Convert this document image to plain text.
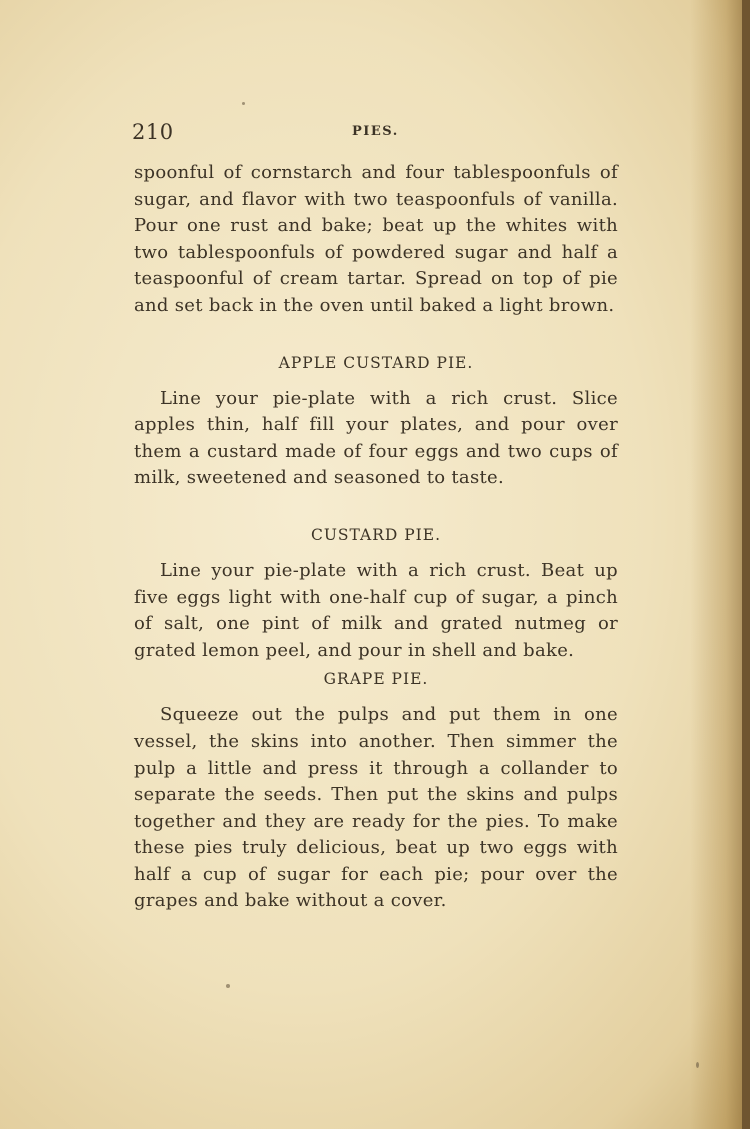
210	PIES.

spoonful of cornstarch and four tablespoonfuls of sugar, and flavor with two teaspoonfuls of vanilla. Pour one rust and bake; beat up the whites with two tablespoonfuls of powdered sugar and half a teaspoonful of cream tartar. Spread on top of pie and set back in the oven until baked a light brown.

APPLE CUSTARD PIE.

Line your pie-plate with a rich crust. Slice apples thin, half fill your plates, and pour over them a custard made of four eggs and two cups of milk, sweetened and seasoned to taste.

CUSTARD PIE.

Line your pie-plate with a rich crust. Beat up five eggs light with one-half cup of sugar, a pinch of salt, one pint of milk and grated nutmeg or grated lemon peel, and pour in shell and bake.

GRAPE PIE.

Squeeze out the pulps and put them in one vessel, the skins into another. Then simmer the pulp a little and press it through a collander to separate the seeds. Then put the skins and pulps together and they are ready for the pies. To make these pies truly delicious, beat up two eggs with half a cup of sugar for each pie; pour over the grapes and bake without a cover.
